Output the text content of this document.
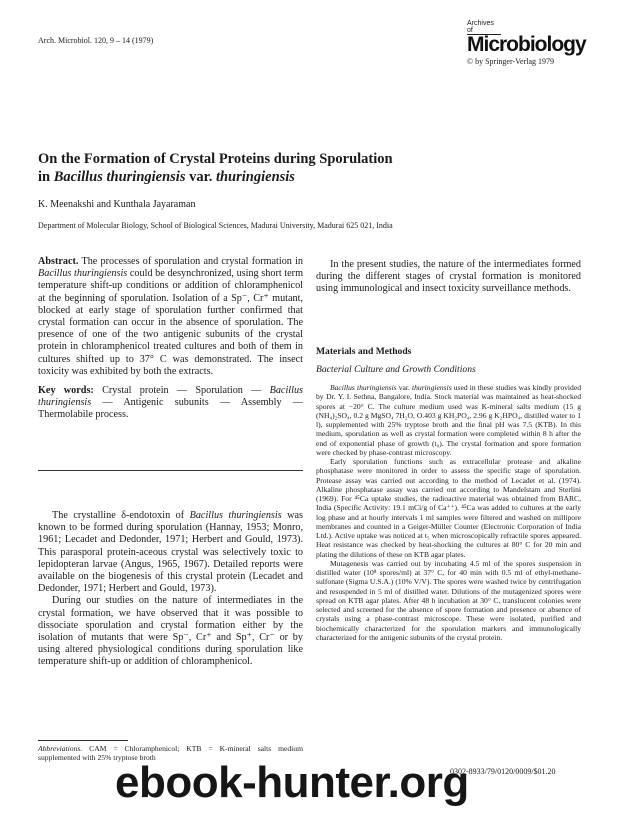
Arch. Microbiol. 120, 9 – 14 (1979)
Archives of
Microbiology
© by Springer-Verlag 1979
On the Formation of Crystal Proteins during Sporulation
in Bacillus thuringiensis var. thuringiensis
K. Meenakshi and Kunthala Jayaraman
Department of Molecular Biology, School of Biological Sciences, Madurai University, Madurai 625 021, India

Abstract. The processes of sporulation and crystal formation in Bacillus thuringiensis could be desynchronized, using short term temperature shift-up conditions or addition of chloramphenicol at the beginning of sporulation. Isolation of a Sp⁻, Cr⁺ mutant, blocked at early stage of sporulation further confirmed that crystal formation can occur in the absence of sporulation. The presence of one of the two antigenic subunits of the crystal protein in chloramphenicol treated cultures and both of them in cultures shifted up to 37° C was demonstrated. The insect toxicity was exhibited by both the extracts.

Key words: Crystal protein — Sporulation — Bacillus thuringiensis — Antigenic subunits — Assembly — Thermolabile process.

The crystalline δ-endotoxin of Bacillus thuringiensis was known to be formed during sporulation (Hannay, 1953; Monro, 1961; Lecadet and Dedonder, 1971; Herbert and Gould, 1973). This parasporal protein-aceous crystal was selectively toxic to lepidopteran larvae (Angus, 1965, 1967). Detailed reports were available on the biogenesis of this crystal protein (Lecadet and Dedonder, 1971; Herbert and Gould, 1973).

During our studies on the nature of intermediates in the crystal formation, we have observed that it was possible to dissociate sporulation and crystal formation either by the isolation of mutants that were Sp⁻, Cr⁺ and Sp⁺, Cr⁻ or by using altered physiological conditions during sporulation like temperature shift-up or addition of chloramphenicol.

Abbreviations. CAM = Chloramphenicol; KTB = K-mineral salts medium supplemented with 25% tryptose broth

In the present studies, the nature of the intermediates formed during the different stages of crystal formation is monitored using immunological and insect toxicity surveillance methods.

Materials and Methods
Bacterial Culture and Growth Conditions

Bacillus thuringiensis var. thuringiensis used in these studies was kindly provided by Dr. Y. I. Sethna, Bangalore, India. Stock material was maintained as heat-shocked spores at −20° C. The culture medium used was K-mineral salts medium (15 g (NH₄)₂SO₄, 0.2 g MgSO₄ 7H₂O, O.403 g KH₂PO₄, 2.96 g K₂HPO₄, distilled water to 1 l), supplemented with 25% tryptose broth and the final pH was 7.5 (KTB). In this medium, sporulation as well as crystal formation were completed within 8 h after the end of exponential phase of growth (t₀). The crystal formation and spore formation were checked by phase-contrast microscopy.

Early sporulation functions such as extracellular protease and alkaline phosphatase were monitored in order to assess the specific stage of sporulation. Protease assay was carried out according to the method of Lecadet et al. (1974). Alkaline phosphatase assay was carried out according to Mandelstam and Sterlini (1969). For ⁴⁵Ca uptake studies, the radioactive material was obtained from BARC, India (Specific Activity: 19.1 mCi/g of Ca⁺⁺). ⁴⁵Ca was added to cultures at the early log phase and at hourly intervals 1 ml samples were filtered and washed on millipore membranes and counted in a Geiger-Müller Counter (Electronic Corporation of India Ltd.). Active uptake was noticed at t₅ when microscopically refractile spores appeared. Heat resistance was checked by heat-shocking the cultures at 80° C for 20 min and plating the dilutions of these on KTB agar plates.

Mutagenesis was carried out by incubating 4.5 ml of the spores suspension in distilled water (10⁸ spores/ml) at 37° C, for 40 min with 0.5 ml of ethyl-methane-sulfonate (Sigma U.S.A.) (10% V/V). The spores were washed twice by centrifugation and resuspended in 5 ml of distilled water. Dilutions of the mutagenized spores were spread on KTB agar plates. After 48 h incubation at 30° C, translucent colonies were selected and screened for the absence of spore formation and presence or absence of crystals using a phase-contrast microscope. These were isolated, purified and biochemically characterized for the sporulation markers and immunologically characterized for the antigenic subunits of the crystal protein.

0302-8933/79/0120/0009/$01.20
ebook-hunter.org
